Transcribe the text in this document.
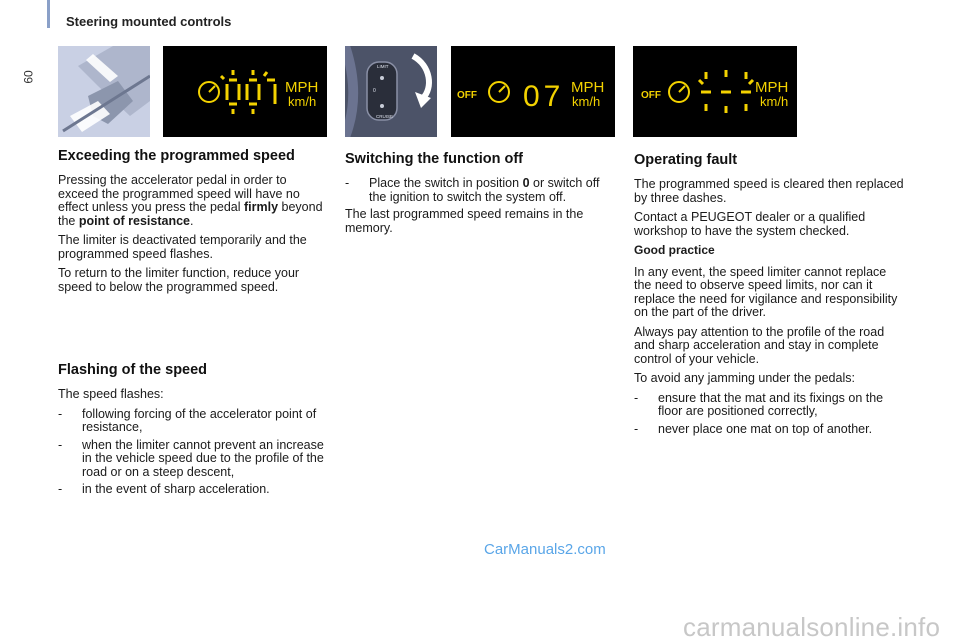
60
Steering mounted controls
MPH
km/h
LIMIT
0
CRUISE
OFF 07 MPH
km/h	OFF	MPH
km/h
Exceeding the programmed speed

Pressing the accelerator pedal in order to exceed the programmed speed will have no effect unless you press the pedal firmly beyond the point of resistance.

The limiter is deactivated temporarily and the programmed speed flashes.

To return to the limiter function, reduce your speed to below the programmed speed.

Flashing of the speed

The speed flashes:

- following forcing of the accelerator point of resistance,
- when the limiter cannot prevent an increase in the vehicle speed due to the profile of the road or on a steep descent,
- in the event of sharp acceleration.
Switching the function off
- Place the switch in position 0 or switch off the ignition to switch the system off.

The last programmed speed remains in the memory.

Operating fault

The programmed speed is cleared then replaced by three dashes.

Contact a PEUGEOT dealer or a qualified workshop to have the system checked.

Good practice

In any event, the speed limiter cannot replace the need to observe speed limits, nor can it replace the need for vigilance and responsibility on the part of the driver.

Always pay attention to the profile of the road and sharp acceleration and stay in complete control of your vehicle.

To avoid any jamming under the pedals:

- ensure that the mat and its fixings on the floor are positioned correctly,
- never place one mat on top of another.
CarManuals2.com
carmanualsonline.info
